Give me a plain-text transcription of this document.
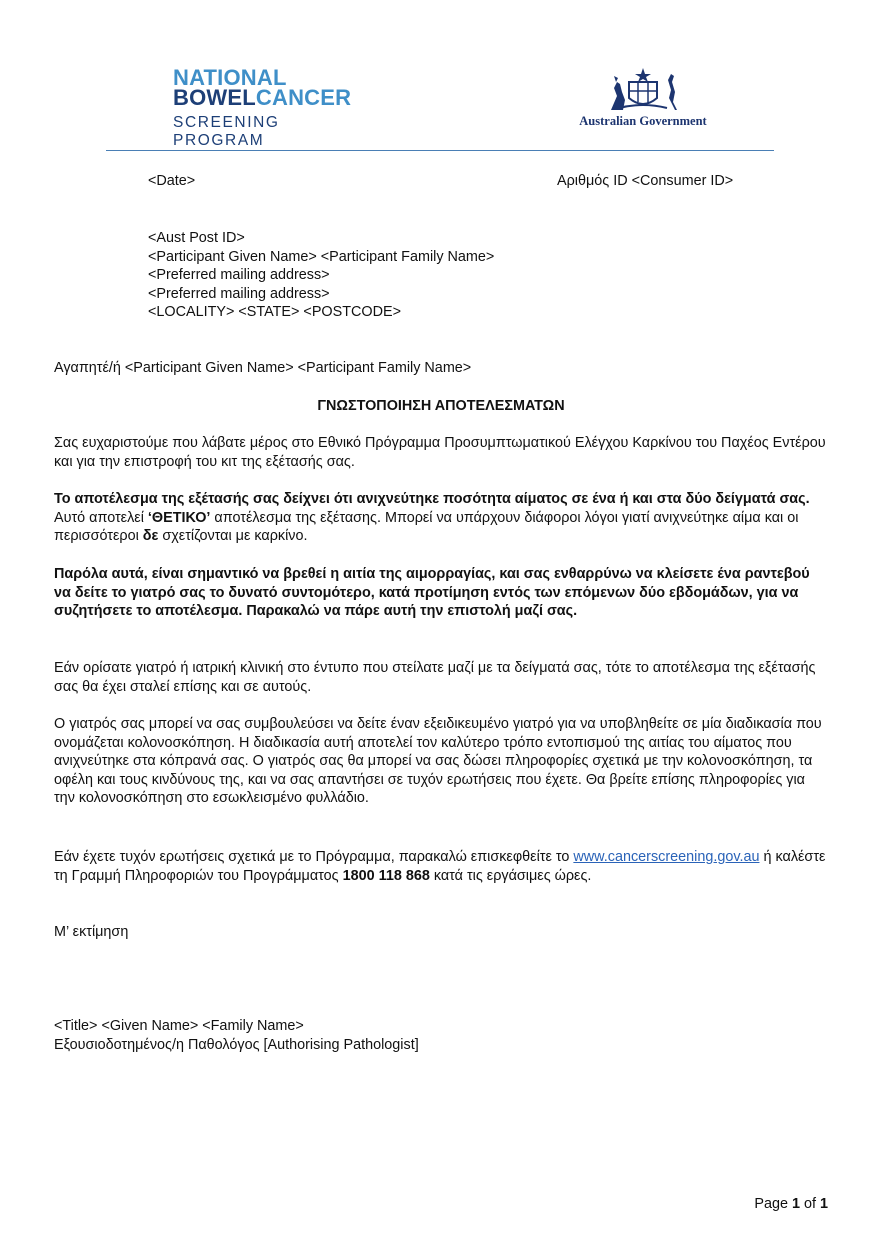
NATIONAL
BOWELCANCER
SCREENING PROGRAM
Australian Government

<Date>	Αριθμός ID <Consumer ID>

<Aust Post ID>
<Participant Given Name> <Participant Family Name>
<Preferred mailing address>
<Preferred mailing address>
<LOCALITY> <STATE> <POSTCODE>

Αγαπητέ/ή <Participant Given Name> <Participant Family Name>

ΓΝΩΣΤΟΠΟΙΗΣΗ ΑΠΟΤΕΛΕΣΜΑΤΩΝ

Σας ευχαριστούμε που λάβατε μέρος στο Εθνικό Πρόγραμμα Προσυμπτωματικού Ελέγχου Καρκίνου του Παχέος Εντέρου και για την επιστροφή του κιτ της εξέτασής σας.

Το αποτέλεσμα της εξέτασής σας δείχνει ότι ανιχνεύτηκε ποσότητα αίματος σε ένα ή και στα δύο δείγματά σας.  Αυτό αποτελεί ‘ΘΕΤΙΚΟ’ αποτέλεσμα της εξέτασης. Μπορεί να υπάρχουν διάφοροι λόγοι γιατί ανιχνεύτηκε αίμα και οι περισσότεροι δε σχετίζονται με καρκίνο.

Παρόλα αυτά, είναι σημαντικό να βρεθεί η αιτία της αιμορραγίας, και σας ενθαρρύνω να κλείσετε ένα ραντεβού να δείτε το γιατρό σας το δυνατό συντομότερο, κατά προτίμηση εντός των επόμενων δύο εβδομάδων, για να συζητήσετε το αποτέλεσμα. Παρακαλώ να πάρε αυτή την επιστολή μαζί σας.

Εάν ορίσατε γιατρό ή ιατρική κλινική στο έντυπο που στείλατε μαζί με τα δείγματά σας, τότε το αποτέλεσμα της εξέτασής σας θα έχει σταλεί επίσης και σε αυτούς.

Ο γιατρός σας μπορεί να σας συμβουλεύσει να δείτε έναν εξειδικευμένο γιατρό για να υποβληθείτε σε μία διαδικασία που ονομάζεται κολονοσκόπηση. Η διαδικασία αυτή αποτελεί τον καλύτερο τρόπο εντοπισμού της αιτίας του αίματος που ανιχνεύτηκε στα κόπρανά σας. Ο γιατρός σας θα μπορεί να σας δώσει πληροφορίες σχετικά με την κολονοσκόπηση, τα οφέλη και τους κινδύνους της, και να σας απαντήσει σε τυχόν ερωτήσεις που έχετε. Θα βρείτε επίσης πληροφορίες για την κολονοσκόπηση στο εσωκλεισμένο φυλλάδιο.

Εάν έχετε τυχόν ερωτήσεις σχετικά με το Πρόγραμμα, παρακαλώ επισκεφθείτε το www.cancerscreening.gov.au ή καλέστε τη Γραμμή Πληροφοριών του Προγράμματος 1800 118 868 κατά τις εργάσιμες ώρες.

Μ’ εκτίμηση

<Title> <Given Name> <Family Name>

Εξουσιοδοτημένος/η Παθολόγος [Authorising Pathologist]

Page 1 of 1
